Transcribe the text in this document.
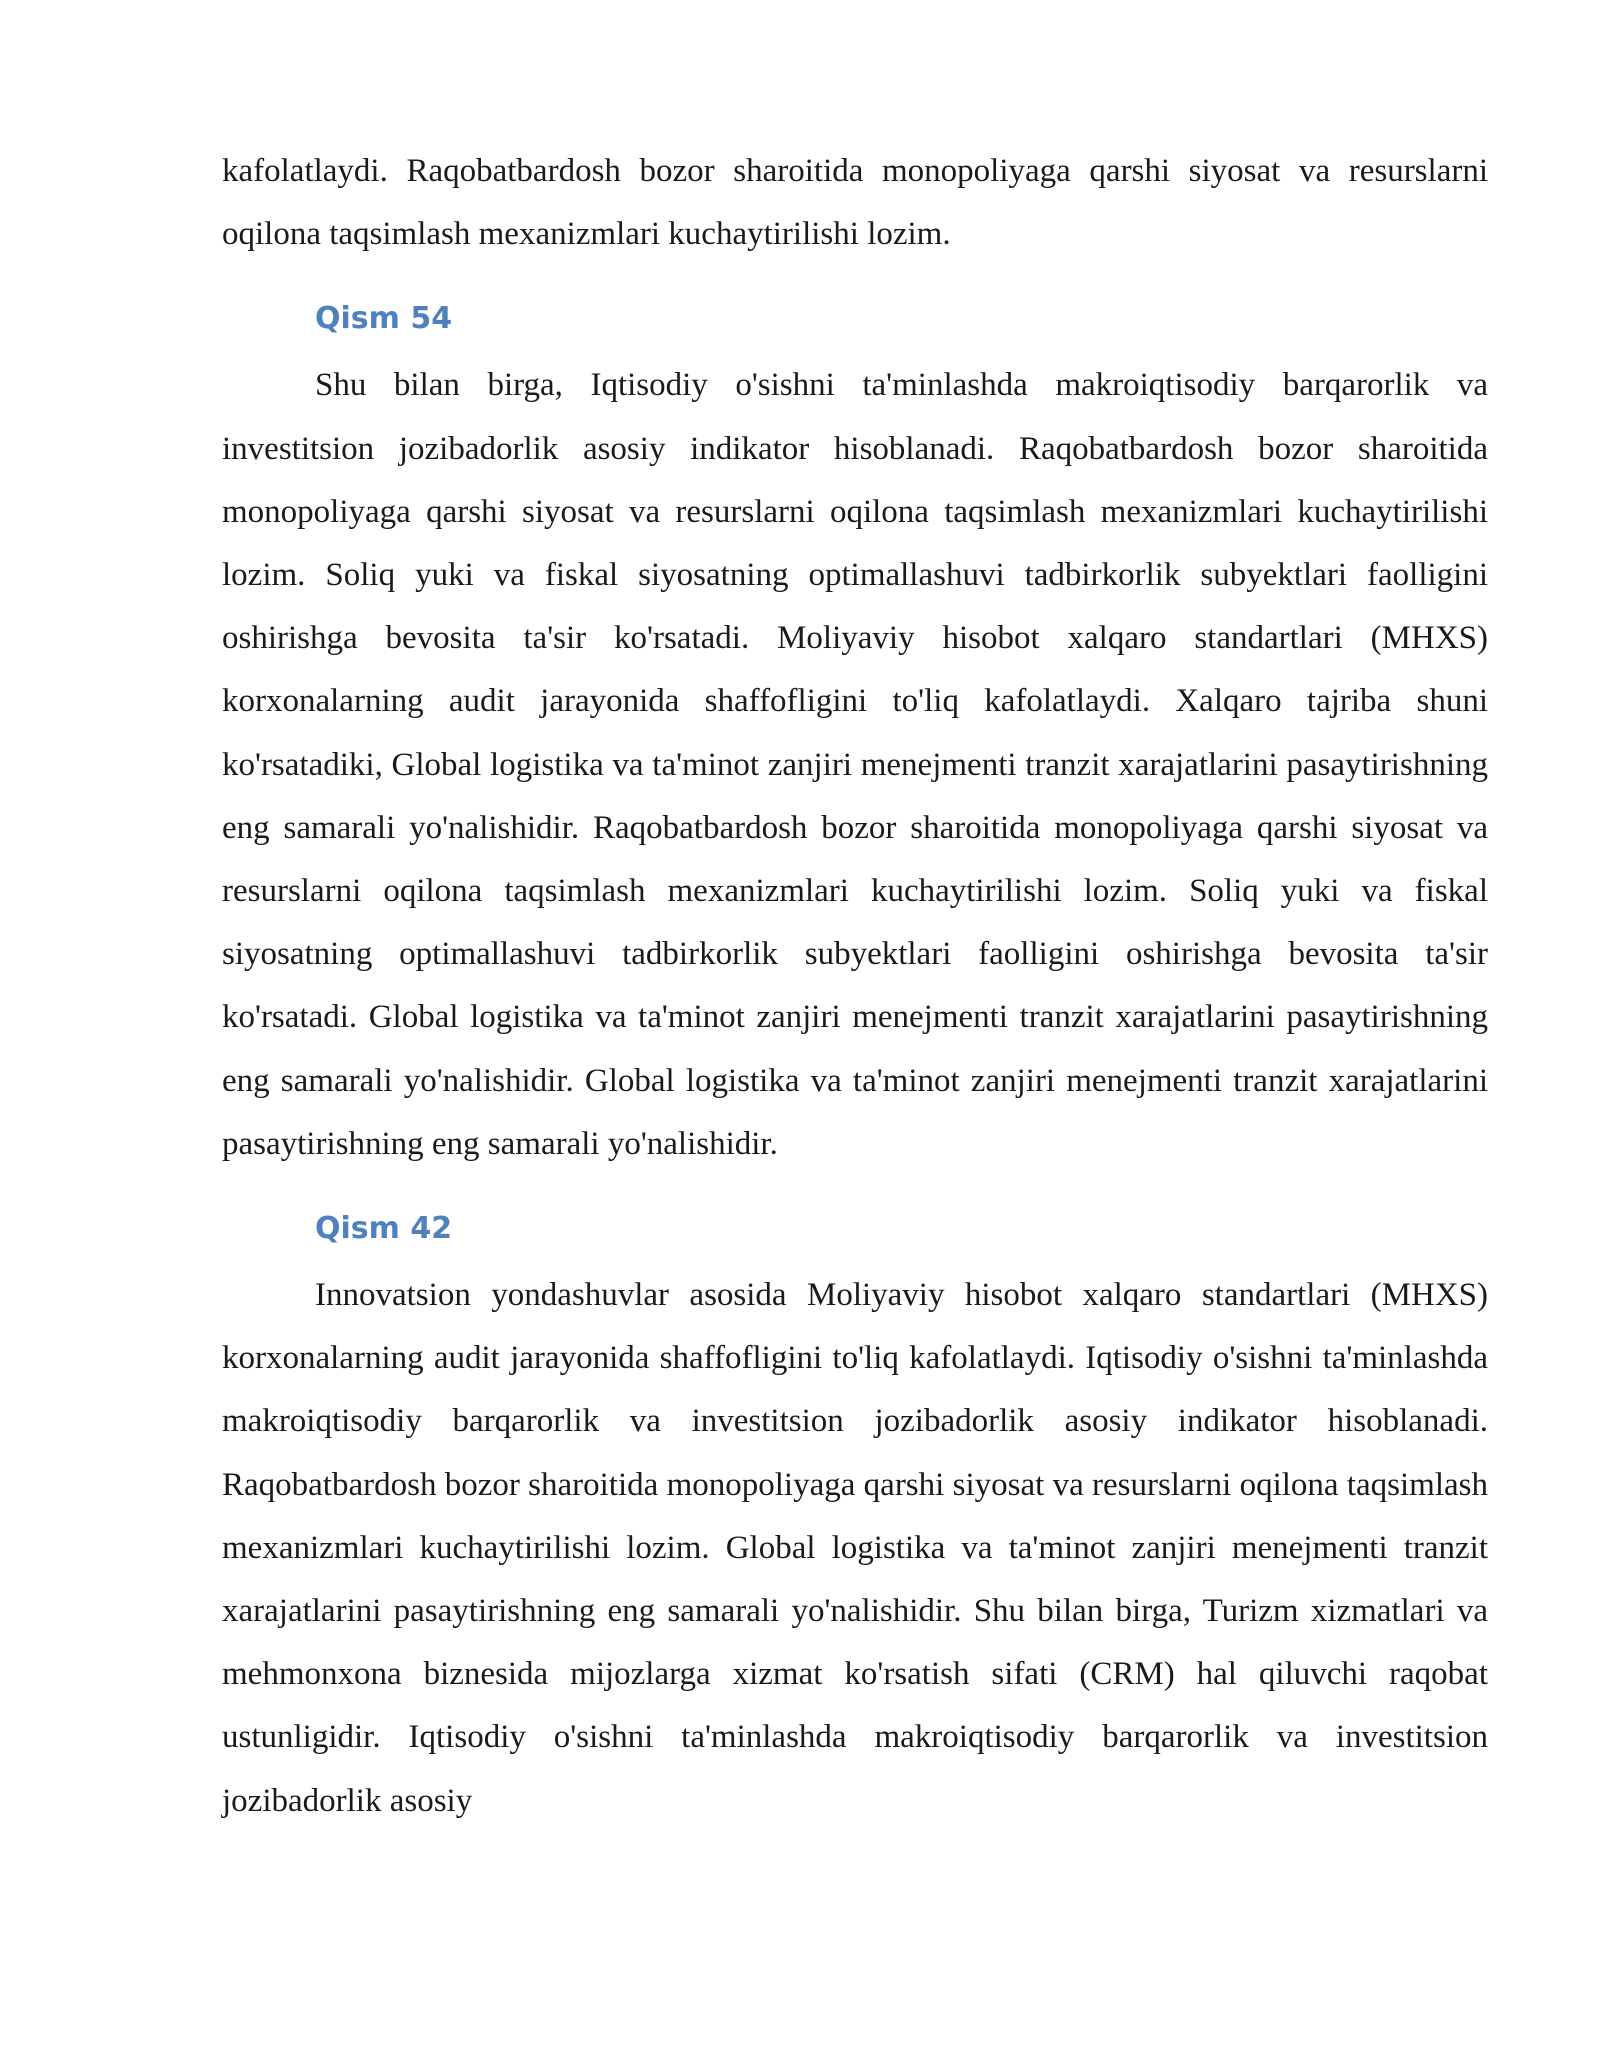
kafolatlaydi. Raqobatbardosh bozor sharoitida monopoliyaga qarshi siyosat va resurslarni oqilona taqsimlash mexanizmlari kuchaytirilishi lozim.

Qism 54

Shu bilan birga, Iqtisodiy o'sishni ta'minlashda makroiqtisodiy barqarorlik va investitsion jozibadorlik asosiy indikator hisoblanadi. Raqobatbardosh bozor sharoitida monopoliyaga qarshi siyosat va resurslarni oqilona taqsimlash mexanizmlari kuchaytirilishi lozim. Soliq yuki va fiskal siyosatning optimallashuvi tadbirkorlik subyektlari faolligini oshirishga bevosita ta'sir ko'rsatadi. Moliyaviy hisobot xalqaro standartlari (MHXS) korxonalarning audit jarayonida shaffofligini to'liq kafolatlaydi. Xalqaro tajriba shuni ko'rsatadiki, Global logistika va ta'minot zanjiri menejmenti tranzit xarajatlarini pasaytirishning eng samarali yo'nalishidir. Raqobatbardosh bozor sharoitida monopoliyaga qarshi siyosat va resurslarni oqilona taqsimlash mexanizmlari kuchaytirilishi lozim. Soliq yuki va fiskal siyosatning optimallashuvi tadbirkorlik subyektlari faolligini oshirishga bevosita ta'sir ko'rsatadi. Global logistika va ta'minot zanjiri menejmenti tranzit xarajatlarini pasaytirishning eng samarali yo'nalishidir. Global logistika va ta'minot zanjiri menejmenti tranzit xarajatlarini pasaytirishning eng samarali yo'nalishidir.

Qism 42

Innovatsion yondashuvlar asosida Moliyaviy hisobot xalqaro standartlari (MHXS) korxonalarning audit jarayonida shaffofligini to'liq kafolatlaydi. Iqtisodiy o'sishni ta'minlashda makroiqtisodiy barqarorlik va investitsion jozibadorlik asosiy indikator hisoblanadi. Raqobatbardosh bozor sharoitida monopoliyaga qarshi siyosat va resurslarni oqilona taqsimlash mexanizmlari kuchaytirilishi lozim. Global logistika va ta'minot zanjiri menejmenti tranzit xarajatlarini pasaytirishning eng samarali yo'nalishidir. Shu bilan birga, Turizm xizmatlari va mehmonxona biznesida mijozlarga xizmat ko'rsatish sifati (CRM) hal qiluvchi raqobat ustunligidir. Iqtisodiy o'sishni ta'minlashda makroiqtisodiy barqarorlik va investitsion jozibadorlik asosiy
